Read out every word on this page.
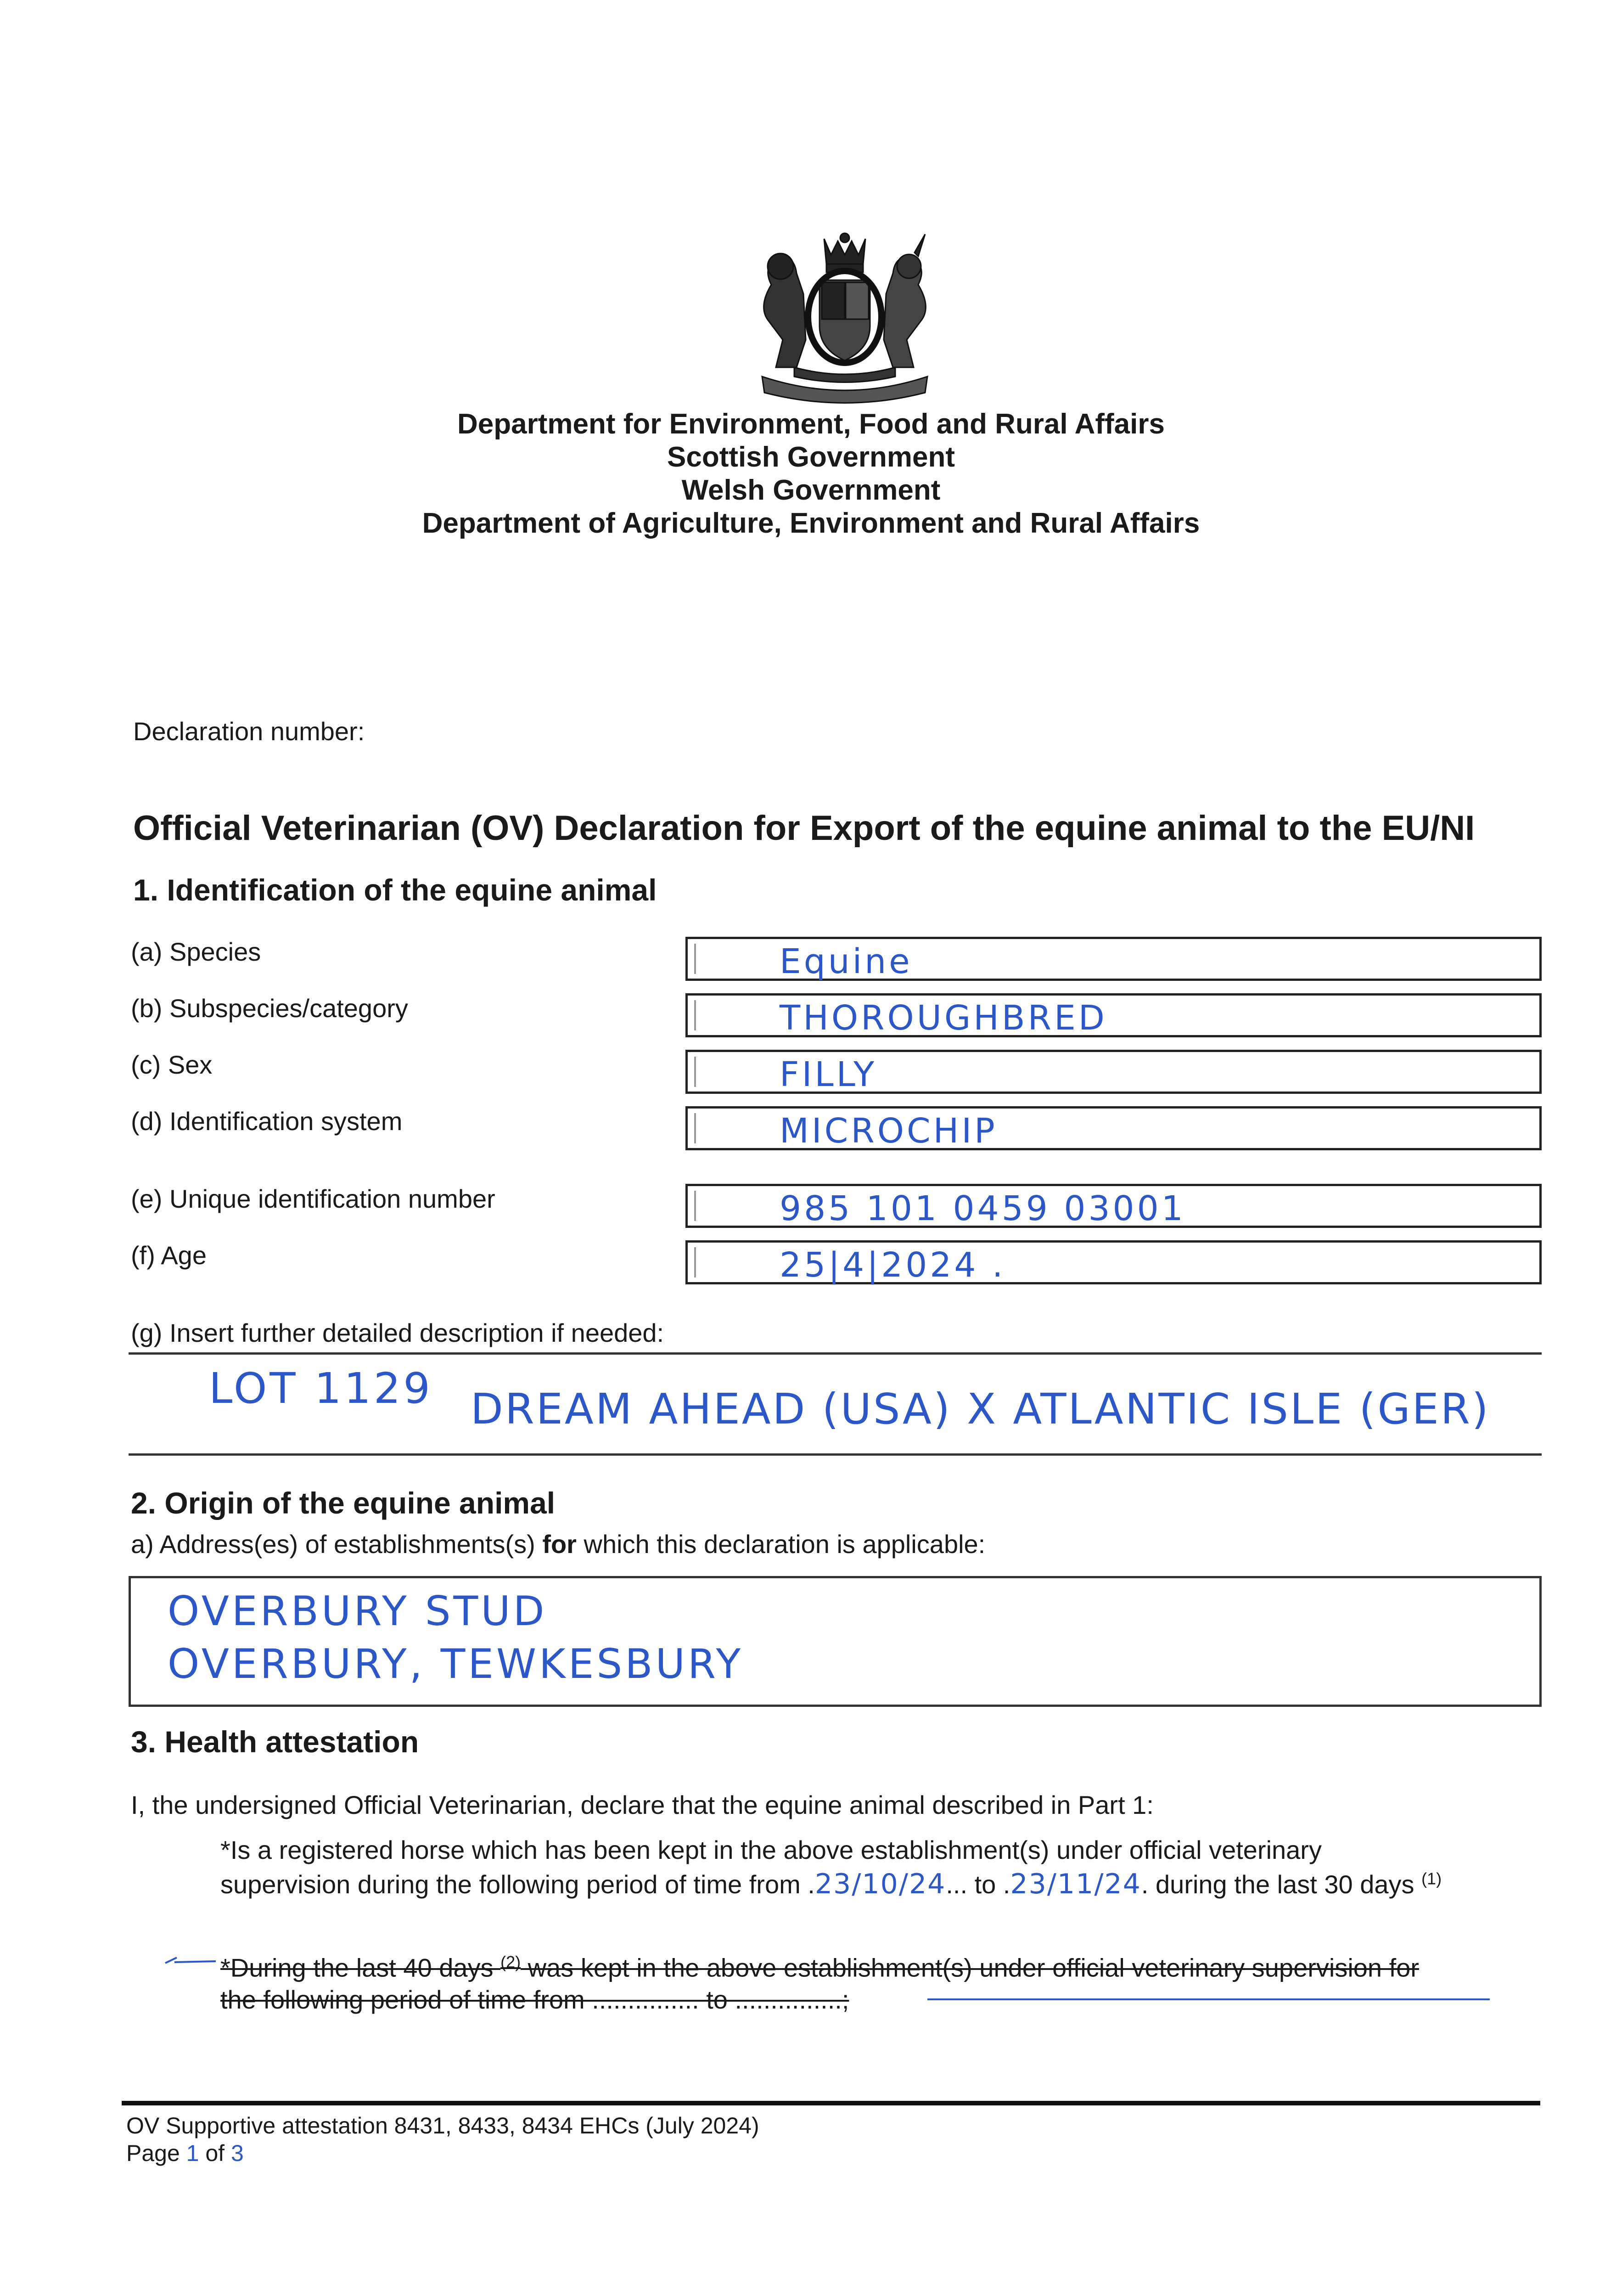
Department for Environment, Food and Rural Affairs
Scottish Government
Welsh Government
Department of Agriculture, Environment and Rural Affairs
Declaration number:
Official Veterinarian (OV) Declaration for Export of the equine animal to the EU/NI
1. Identification of the equine animal
(a) Species	Equine
(b) Subspecies/category	THOROUGHBRED
(c) Sex	FILLY
(d) Identification system	MICROCHIP
(e) Unique identification number	985 101 0459 03001
(f) Age	25|4|2024 .
(g) Insert further detailed description if needed:
LOT 1129 DREAM AHEAD (USA) X ATLANTIC ISLE (GER)
2. Origin of the equine animal
a) Address(es) of establishments(s) for which this declaration is applicable:
OVERBURY STUD
OVERBURY, TEWKESBURY
3. Health attestation
I, the undersigned Official Veterinarian, declare that the equine animal described in Part 1:
*Is a registered horse which has been kept in the above establishment(s) under official veterinary
supervision during the following period of time from .23/10/24... to .23/11/24. during the last 30 days $^{(1)}$
*During the last 40 days $^{(2)}$ was kept in the above establishment(s) under official veterinary supervision for
the following period of time from ............... to ...............;
OV Supportive attestation 8431, 8433, 8434 EHCs (July 2024)
Page 1 of 3
